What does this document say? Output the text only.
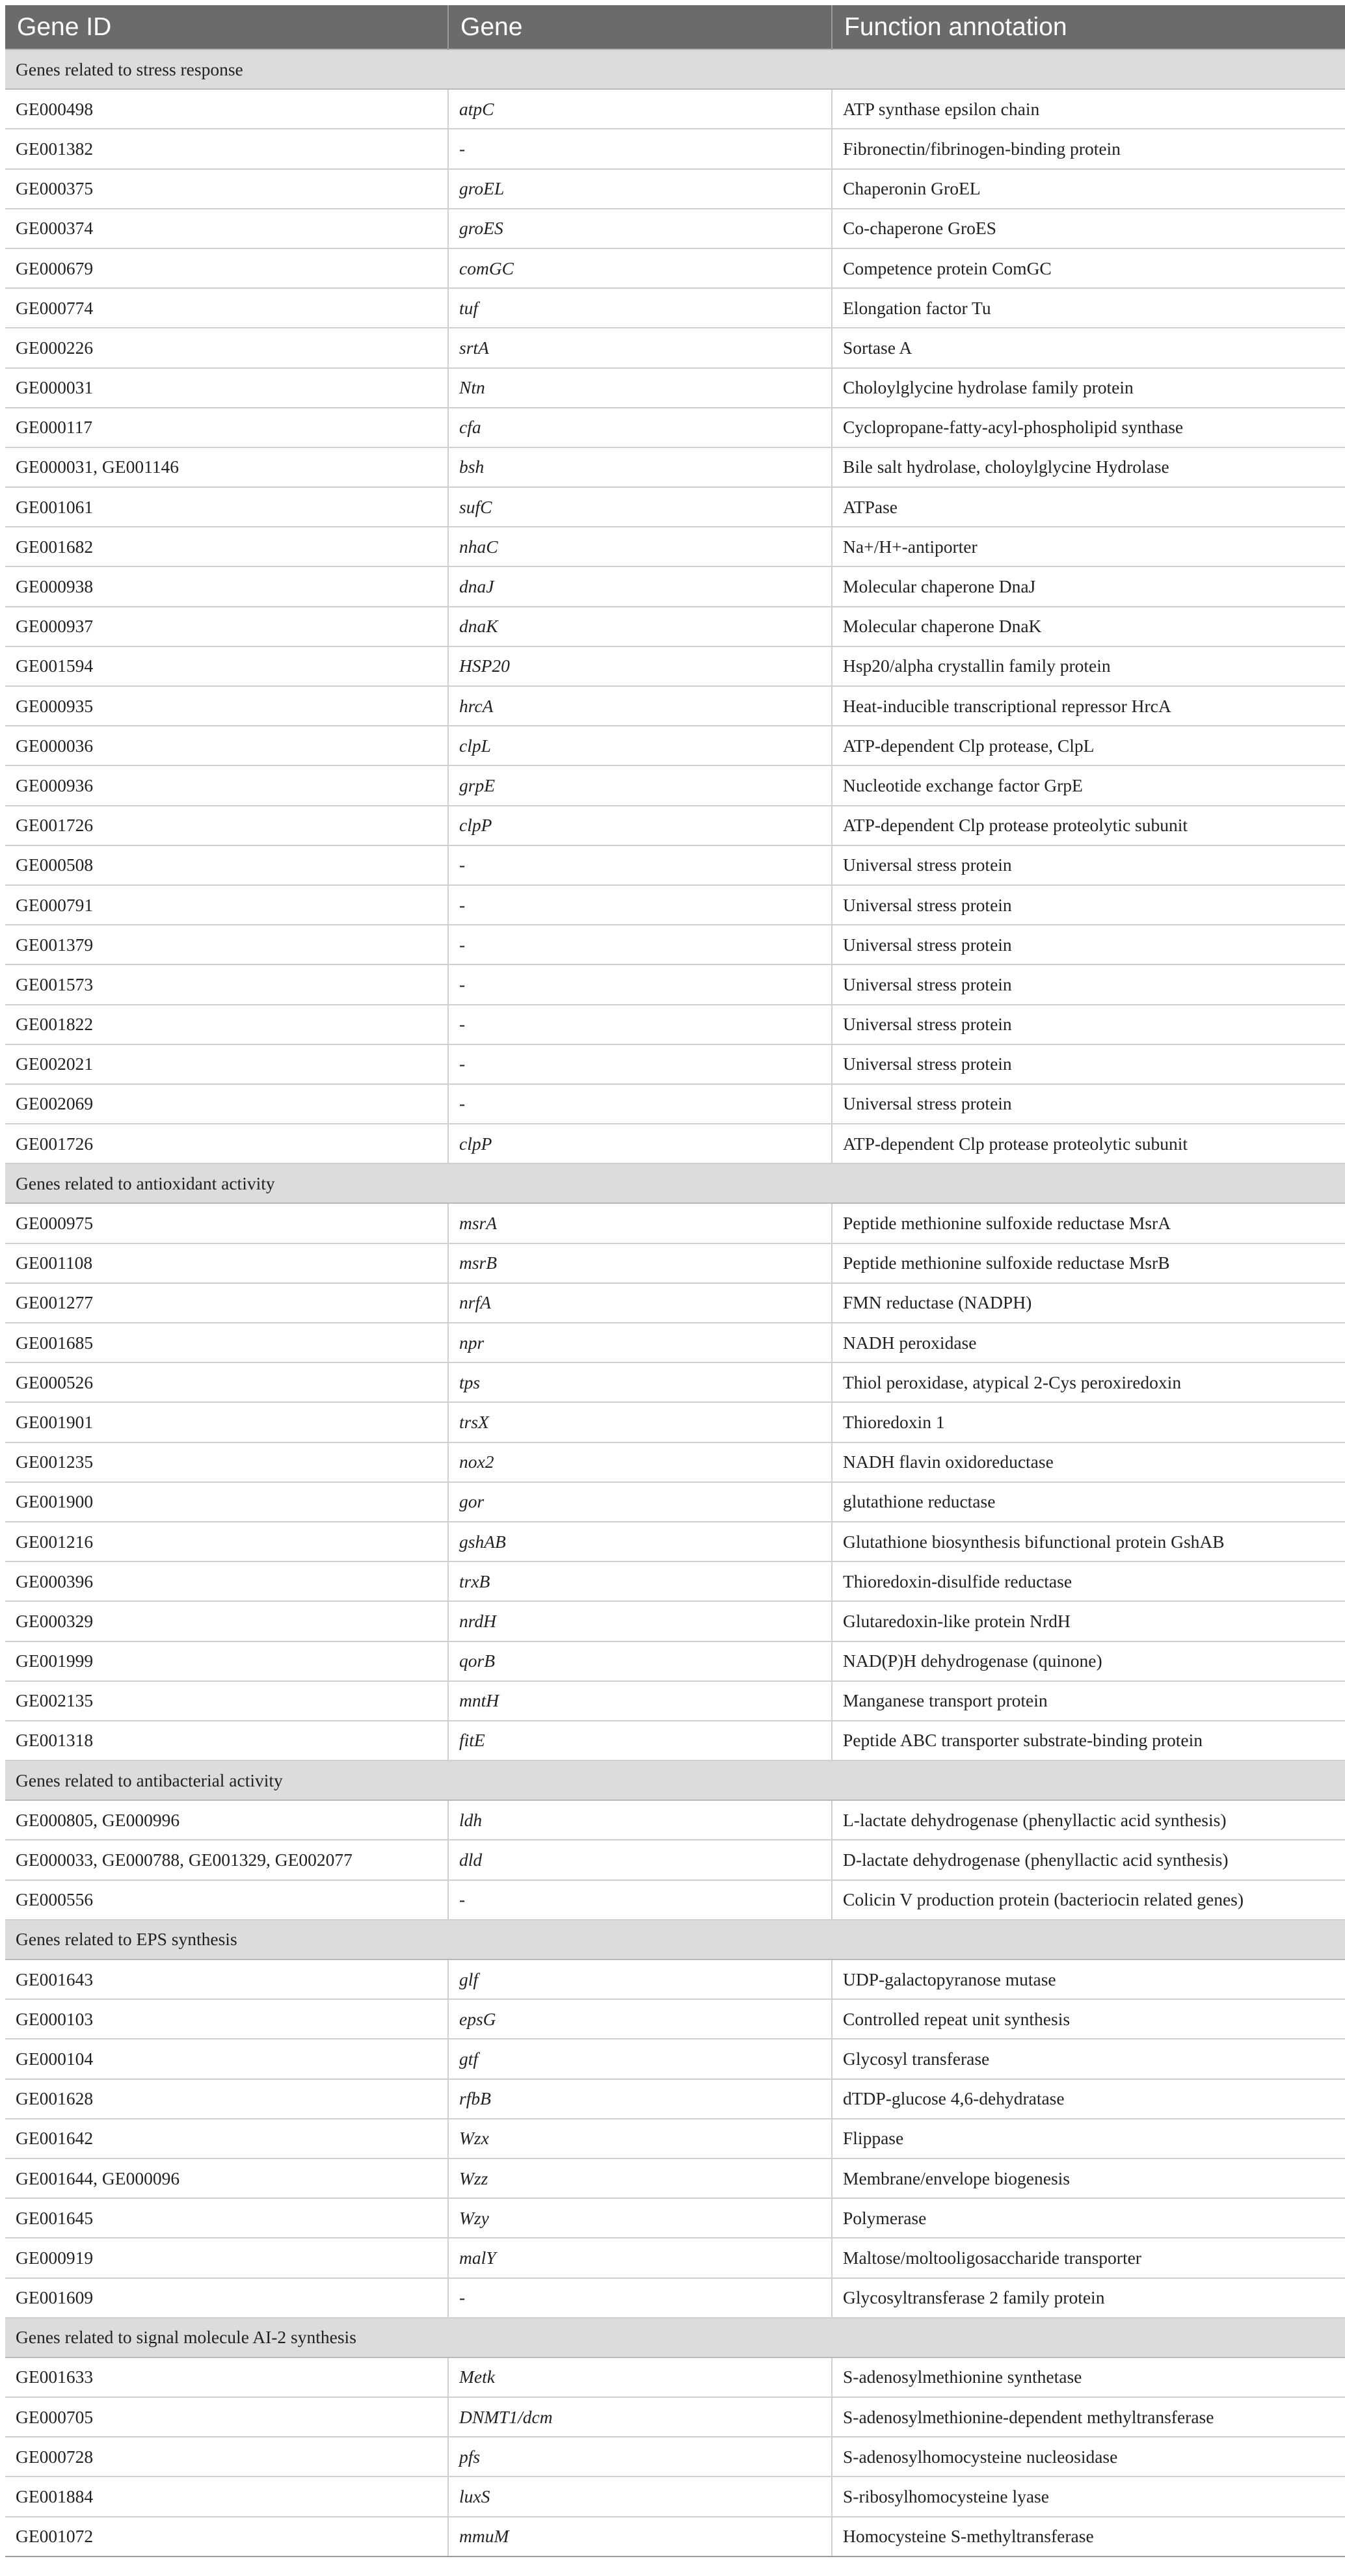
Gene ID	Gene	Function annotation
Genes related to stress response		
GE000498	atpC	ATP synthase epsilon chain
GE001382	-	Fibronectin/fibrinogen-binding protein
GE000375	groEL	Chaperonin GroEL
GE000374	groES	Co-chaperone GroES
GE000679	comGC	Competence protein ComGC
GE000774	tuf	Elongation factor Tu
GE000226	srtA	Sortase A
GE000031	Ntn	Choloylglycine hydrolase family protein
GE000117	cfa	Cyclopropane-fatty-acyl-phospholipid synthase
GE000031, GE001146	bsh	Bile salt hydrolase, choloylglycine Hydrolase
GE001061	sufC	ATPase
GE001682	nhaC	Na+/H+-antiporter
GE000938	dnaJ	Molecular chaperone DnaJ
GE000937	dnaK	Molecular chaperone DnaK
GE001594	HSP20	Hsp20/alpha crystallin family protein
GE000935	hrcA	Heat-inducible transcriptional repressor HrcA
GE000036	clpL	ATP-dependent Clp protease, ClpL
GE000936	grpE	Nucleotide exchange factor GrpE
GE001726	clpP	ATP-dependent Clp protease proteolytic subunit
GE000508	-	Universal stress protein
GE000791	-	Universal stress protein
GE001379	-	Universal stress protein
GE001573	-	Universal stress protein
GE001822	-	Universal stress protein
GE002021	-	Universal stress protein
GE002069	-	Universal stress protein
GE001726	clpP	ATP-dependent Clp protease proteolytic subunit
Genes related to antioxidant activity		
GE000975	msrA	Peptide methionine sulfoxide reductase MsrA
GE001108	msrB	Peptide methionine sulfoxide reductase MsrB
GE001277	nrfA	FMN reductase (NADPH)
GE001685	npr	NADH peroxidase
GE000526	tps	Thiol peroxidase, atypical 2-Cys peroxiredoxin
GE001901	trsX	Thioredoxin 1
GE001235	nox2	NADH flavin oxidoreductase
GE001900	gor	glutathione reductase
GE001216	gshAB	Glutathione biosynthesis bifunctional protein GshAB
GE000396	trxB	Thioredoxin-disulfide reductase
GE000329	nrdH	Glutaredoxin-like protein NrdH
GE001999	qorB	NAD(P)H dehydrogenase (quinone)
GE002135	mntH	Manganese transport protein
GE001318	fitE	Peptide ABC transporter substrate-binding protein
Genes related to antibacterial activity		
GE000805, GE000996	ldh	L-lactate dehydrogenase (phenyllactic acid synthesis)
GE000033, GE000788, GE001329, GE002077	dld	D-lactate dehydrogenase (phenyllactic acid synthesis)
GE000556	-	Colicin V production protein (bacteriocin related genes)
Genes related to EPS synthesis		
GE001643	glf	UDP-galactopyranose mutase
GE000103	epsG	Controlled repeat unit synthesis
GE000104	gtf	Glycosyl transferase
GE001628	rfbB	dTDP-glucose 4,6-dehydratase
GE001642	Wzx	Flippase
GE001644, GE000096	Wzz	Membrane/envelope biogenesis
GE001645	Wzy	Polymerase
GE000919	malY	Maltose/moltooligosaccharide transporter
GE001609	-	Glycosyltransferase 2 family protein
Genes related to signal molecule AI-2 synthesis		
GE001633	Metk	S-adenosylmethionine synthetase
GE000705	DNMT1/dcm	S-adenosylmethionine-dependent methyltransferase
GE000728	pfs	S-adenosylhomocysteine nucleosidase
GE001884	luxS	S-ribosylhomocysteine lyase
GE001072	mmuM	Homocysteine S-methyltransferase
